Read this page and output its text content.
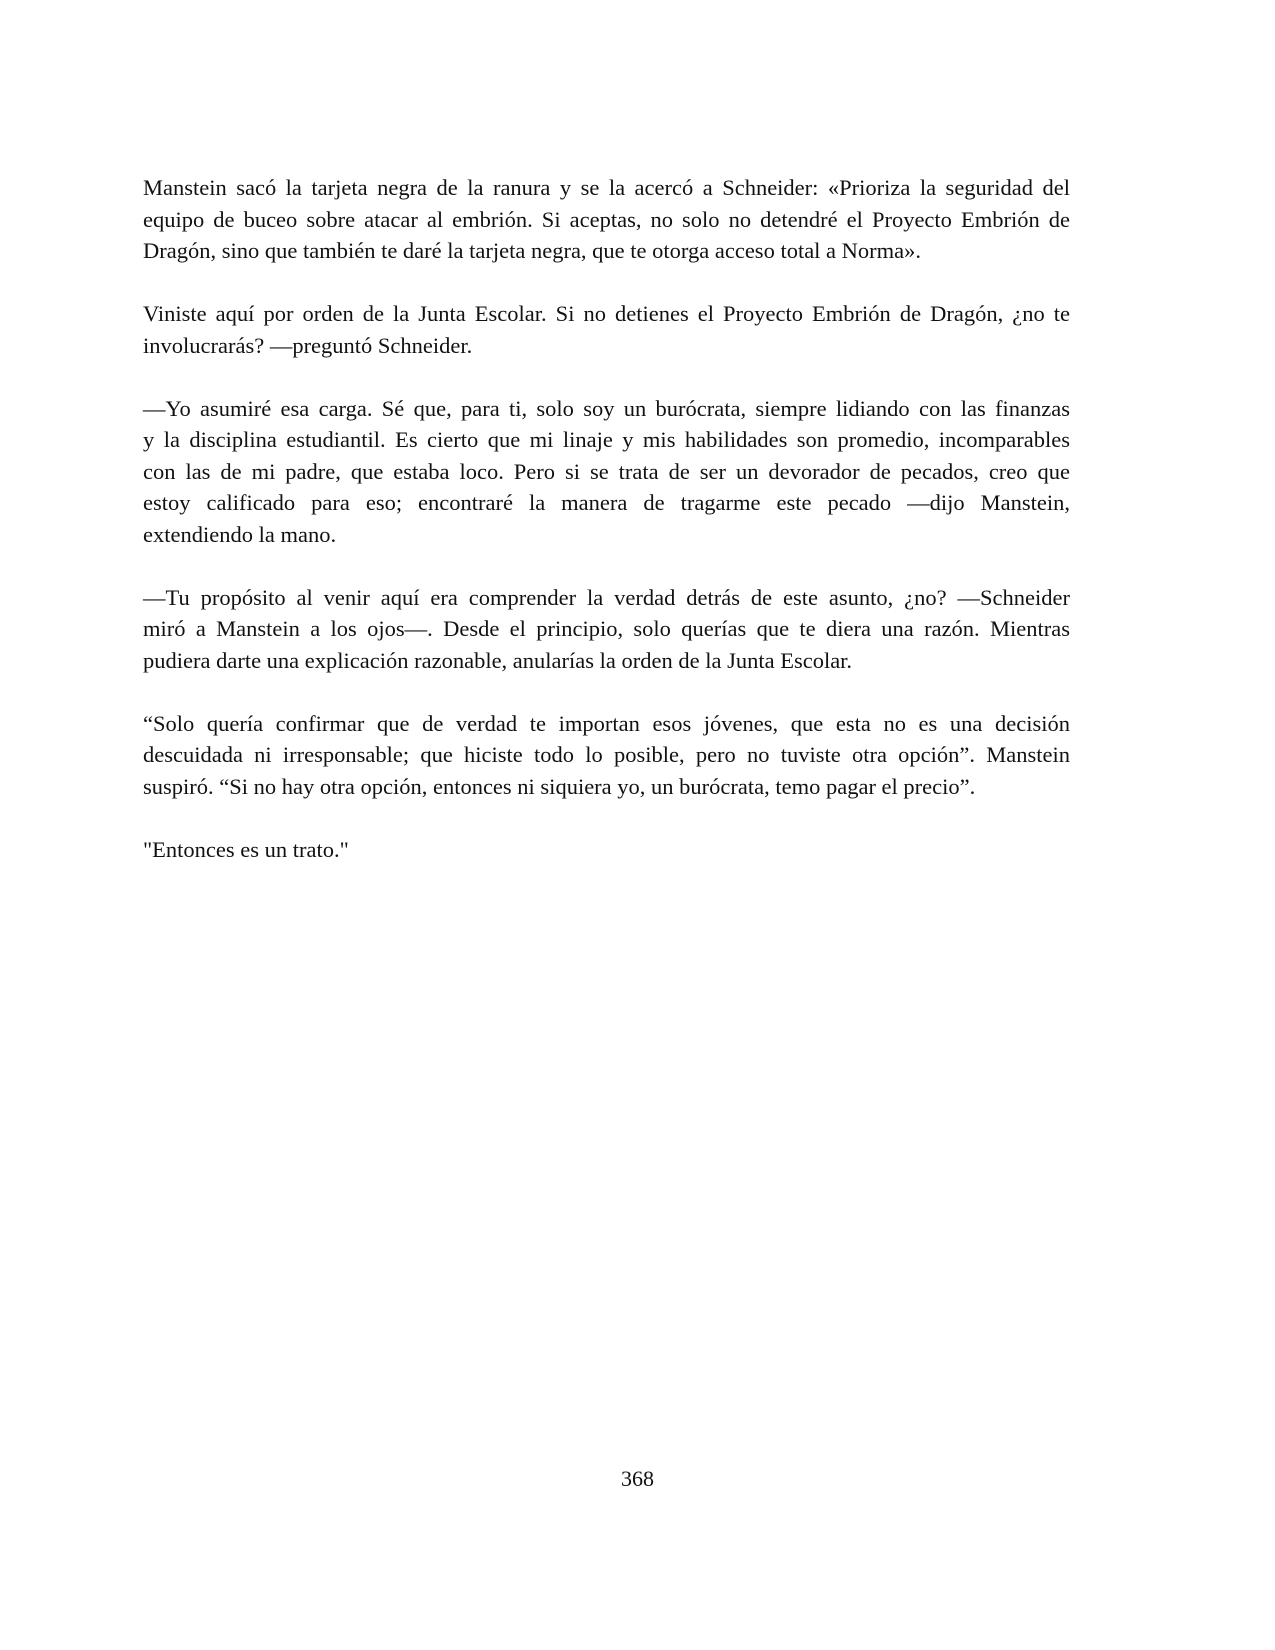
Manstein sacó la tarjeta negra de la ranura y se la acercó a Schneider: «Prioriza la seguridad del
equipo de buceo sobre atacar al embrión. Si aceptas, no solo no detendré el Proyecto Embrión de
Dragón, sino que también te daré la tarjeta negra, que te otorga acceso total a Norma».
Viniste aquí por orden de la Junta Escolar. Si no detienes el Proyecto Embrión de Dragón, ¿no te
involucrarás? —preguntó Schneider.
—Yo asumiré esa carga. Sé que, para ti, solo soy un burócrata, siempre lidiando con las finanzas
y la disciplina estudiantil. Es cierto que mi linaje y mis habilidades son promedio, incomparables
con las de mi padre, que estaba loco. Pero si se trata de ser un devorador de pecados, creo que
estoy calificado para eso; encontraré la manera de tragarme este pecado —dijo Manstein,
extendiendo la mano.
—Tu propósito al venir aquí era comprender la verdad detrás de este asunto, ¿no? —Schneider
miró a Manstein a los ojos—. Desde el principio, solo querías que te diera una razón. Mientras
pudiera darte una explicación razonable, anularías la orden de la Junta Escolar.
“Solo quería confirmar que de verdad te importan esos jóvenes, que esta no es una decisión
descuidada ni irresponsable; que hiciste todo lo posible, pero no tuviste otra opción”. Manstein
suspiró. “Si no hay otra opción, entonces ni siquiera yo, un burócrata, temo pagar el precio”.
"Entonces es un trato."
368
